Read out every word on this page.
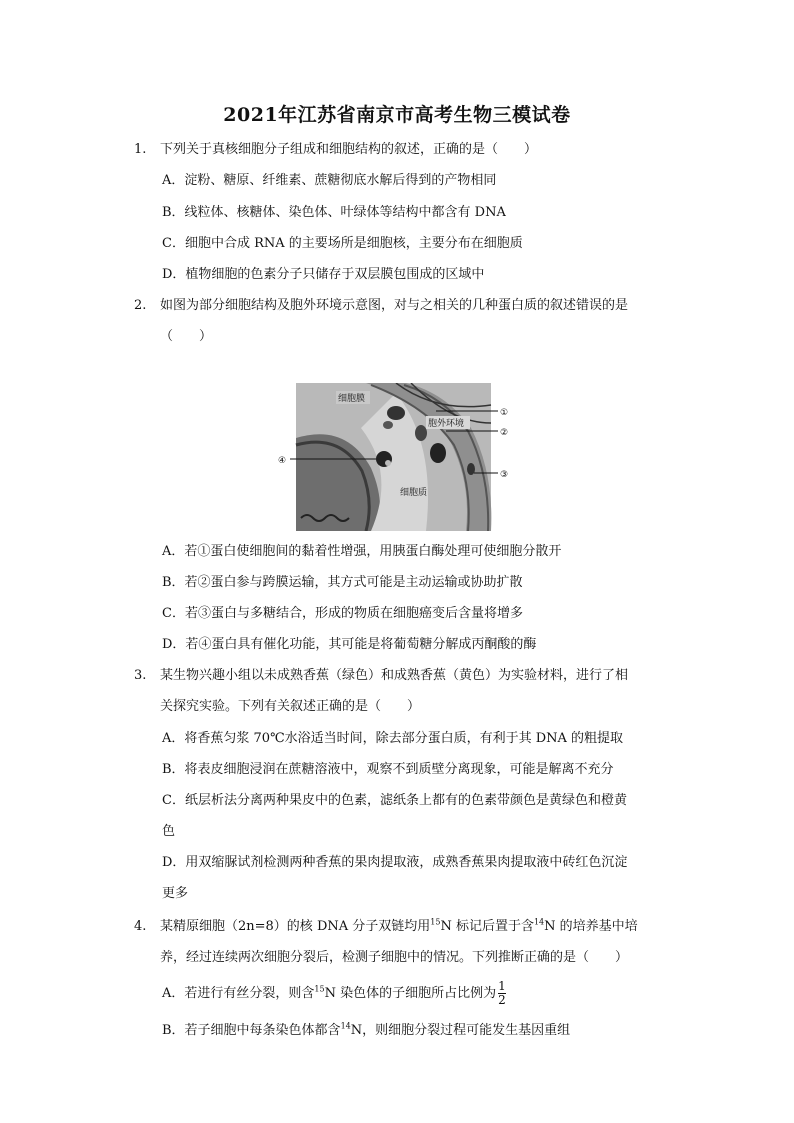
2021年江苏省南京市高考生物三模试卷
1. 下列关于真核细胞分子组成和细胞结构的叙述，正确的是（　　）
A．淀粉、糖原、纤维素、蔗糖彻底水解后得到的产物相同
B．线粒体、核糖体、染色体、叶绿体等结构中都含有 DNA
C．细胞中合成 RNA 的主要场所是细胞核，主要分布在细胞质
D．植物细胞的色素分子只储存于双层膜包围成的区域中
2. 如图为部分细胞结构及胞外环境示意图，对与之相关的几种蛋白质的叙述错误的是
（　　）
细胞膜
胞外环境
细胞质
①
②
③
④
A．若①蛋白使细胞间的黏着性增强，用胰蛋白酶处理可使细胞分散开
B．若②蛋白参与跨膜运输，其方式可能是主动运输或协助扩散
C．若③蛋白与多糖结合，形成的物质在细胞癌变后含量将增多
D．若④蛋白具有催化功能，其可能是将葡萄糖分解成丙酮酸的酶
3. 某生物兴趣小组以未成熟香蕉（绿色）和成熟香蕉（黄色）为实验材料，进行了相
关探究实验。下列有关叙述正确的是（　　）
A．将香蕉匀浆 70℃水浴适当时间，除去部分蛋白质，有利于其 DNA 的粗提取
B．将表皮细胞浸润在蔗糖溶液中，观察不到质壁分离现象，可能是解离不充分
C．纸层析法分离两种果皮中的色素，滤纸条上都有的色素带颜色是黄绿色和橙黄
色
D．用双缩脲试剂检测两种香蕉的果肉提取液，成熟香蕉果肉提取液中砖红色沉淀
更多
4. 某精原细胞（2n=8）的核 DNA 分子双链均用$^{15}$N 标记后置于含$^{14}$N 的培养基中培
养，经过连续两次细胞分裂后，检测子细胞中的情况。下列推断正确的是（　　）
A．若进行有丝分裂，则含$^{15}$N 染色体的子细胞所占比例为 $\frac{1}{2}$
B．若子细胞中每条染色体都含$^{14}$N，则细胞分裂过程可能发生基因重组
